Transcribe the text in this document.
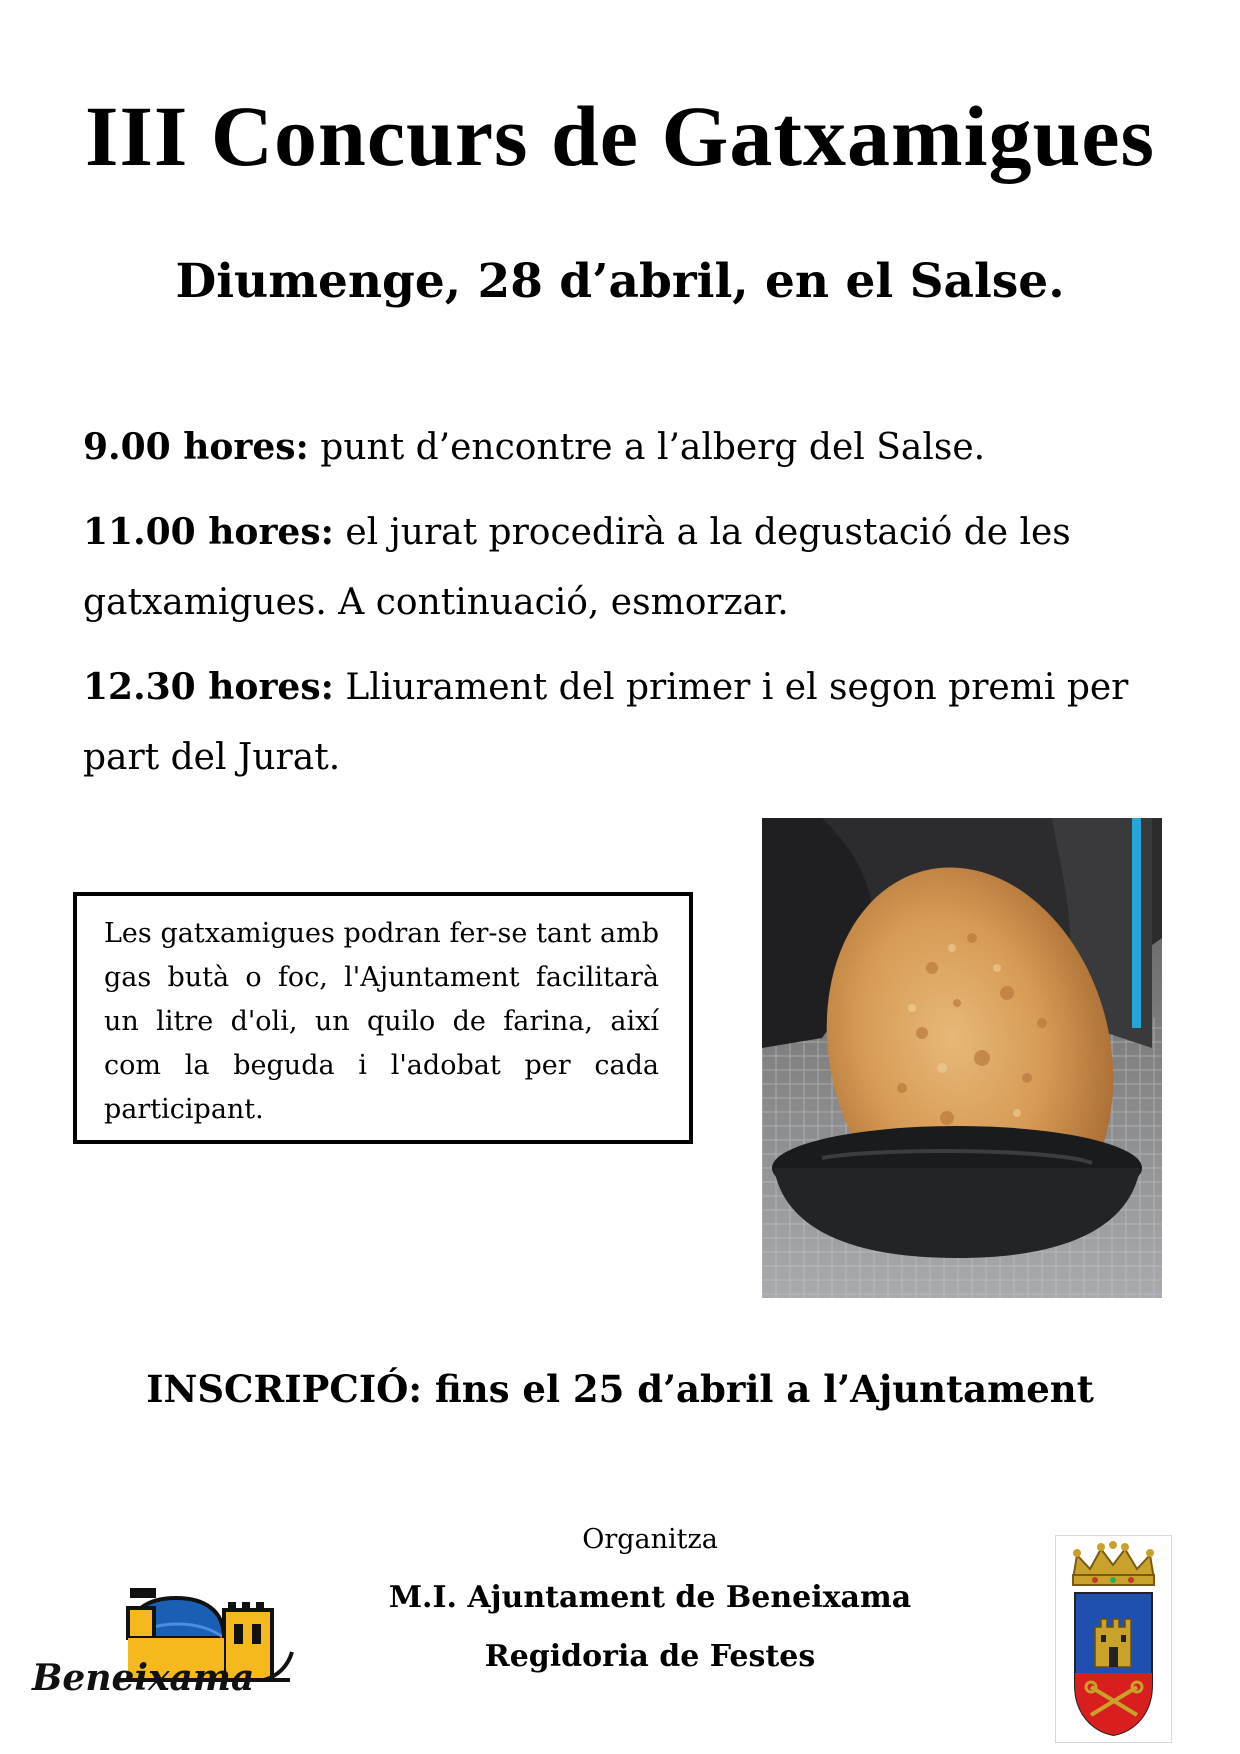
III Concurs de Gatxamigues
Diumenge, 28 d’abril, en el Salse.
9.00 hores: punt d’encontre a l’alberg del Salse.
11.00 hores: el jurat procedirà a la degustació de les gatxamigues. A continuació, esmorzar.
12.30 hores: Lliurament del primer i el segon premi per part del Jurat.
Les gatxamigues podran fer-se tant amb gas butà o foc, l'Ajuntament facilitarà un litre d'oli, un quilo de farina, així com la beguda i l'adobat per cada participant.
INSCRIPCIÓ: fins el 25 d’abril a l’Ajuntament
Organitza
M.I. Ajuntament de Beneixama
Regidoria de Festes
Beneixama
